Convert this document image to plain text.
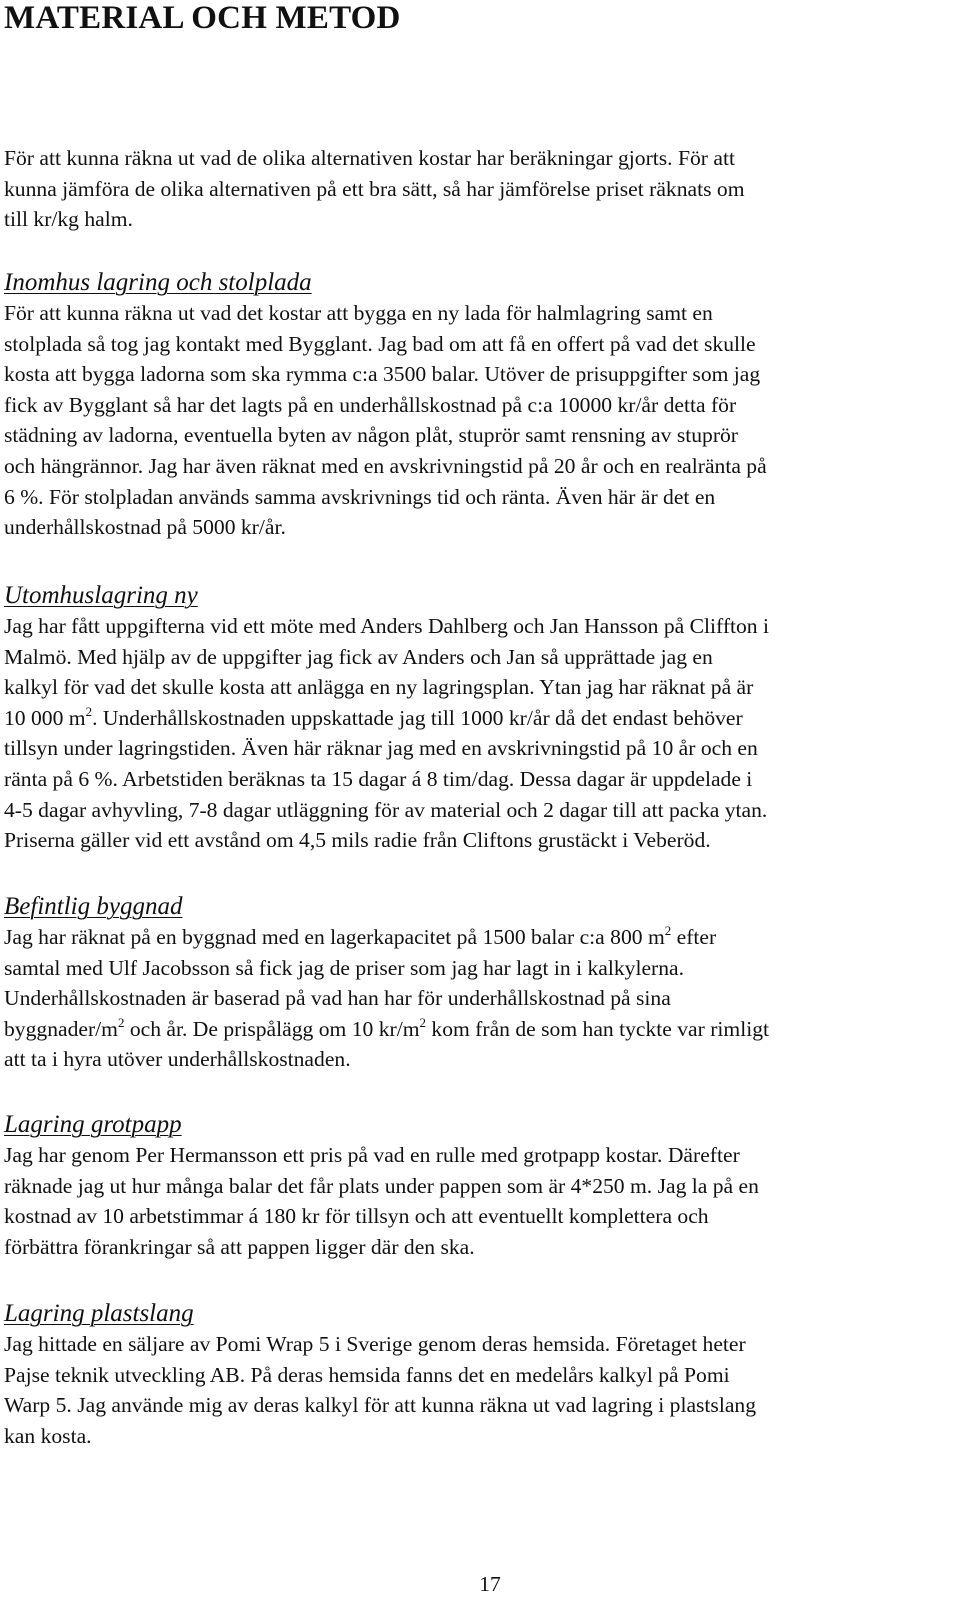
MATERIAL OCH METOD

För att kunna räkna ut vad de olika alternativen kostar har beräkningar gjorts. För att
kunna jämföra de olika alternativen på ett bra sätt, så har jämförelse priset räknats om
till kr/kg halm.

Inomhus lagring och stolplada

För att kunna räkna ut vad det kostar att bygga en ny lada för halmlagring samt en
stolplada så tog jag kontakt med Bygglant. Jag bad om att få en offert på vad det skulle
kosta att bygga ladorna som ska rymma c:a 3500 balar. Utöver de prisuppgifter som jag
fick av Bygglant så har det lagts på en underhållskostnad på c:a 10000 kr/år detta för
städning av ladorna, eventuella byten av någon plåt, stuprör samt rensning av stuprör
och hängrännor. Jag har även räknat med en avskrivningstid på 20 år och en realränta på
6 %. För stolpladan används samma avskrivnings tid och ränta. Även här är det en
underhållskostnad på 5000 kr/år.

Utomhuslagring ny

Jag har fått uppgifterna vid ett möte med Anders Dahlberg och Jan Hansson på Cliffton i
Malmö. Med hjälp av de uppgifter jag fick av Anders och Jan så upprättade jag en
kalkyl för vad det skulle kosta att anlägga en ny lagringsplan. Ytan jag har räknat på är
10 000 $m^2$. Underhållskostnaden uppskattade jag till 1000 kr/år då det endast behöver
tillsyn under lagringstiden. Även här räknar jag med en avskrivningstid på 10 år och en
ränta på 6 %. Arbetstiden beräknas ta 15 dagar á 8 tim/dag. Dessa dagar är uppdelade i
4-5 dagar avhyvling, 7-8 dagar utläggning för av material och 2 dagar till att packa ytan.
Priserna gäller vid ett avstånd om 4,5 mils radie från Cliftons grustäckt i Veberöd.

Befintlig byggnad

Jag har räknat på en byggnad med en lagerkapacitet på 1500 balar c:a 800 $m^2$ efter
samtal med Ulf Jacobsson så fick jag de priser som jag har lagt in i kalkylerna.
Underhållskostnaden är baserad på vad han har för underhållskostnad på sina
byggnader/$m^2$ och år. De prispålägg om 10 $kr/m^2$ kom från de som han tyckte var rimligt
att ta i hyra utöver underhållskostnaden.

Lagring grotpapp

Jag har genom Per Hermansson ett pris på vad en rulle med grotpapp kostar. Därefter
räknade jag ut hur många balar det får plats under pappen som är 4*250 m. Jag la på en
kostnad av 10 arbetstimmar á 180 kr för tillsyn och att eventuellt komplettera och
förbättra förankringar så att pappen ligger där den ska.

Lagring plastslang

Jag hittade en säljare av Pomi Wrap 5 i Sverige genom deras hemsida. Företaget heter
Pajse teknik utveckling AB. På deras hemsida fanns det en medelårs kalkyl på Pomi
Warp 5. Jag använde mig av deras kalkyl för att kunna räkna ut vad lagring i plastslang
kan kosta.

17
